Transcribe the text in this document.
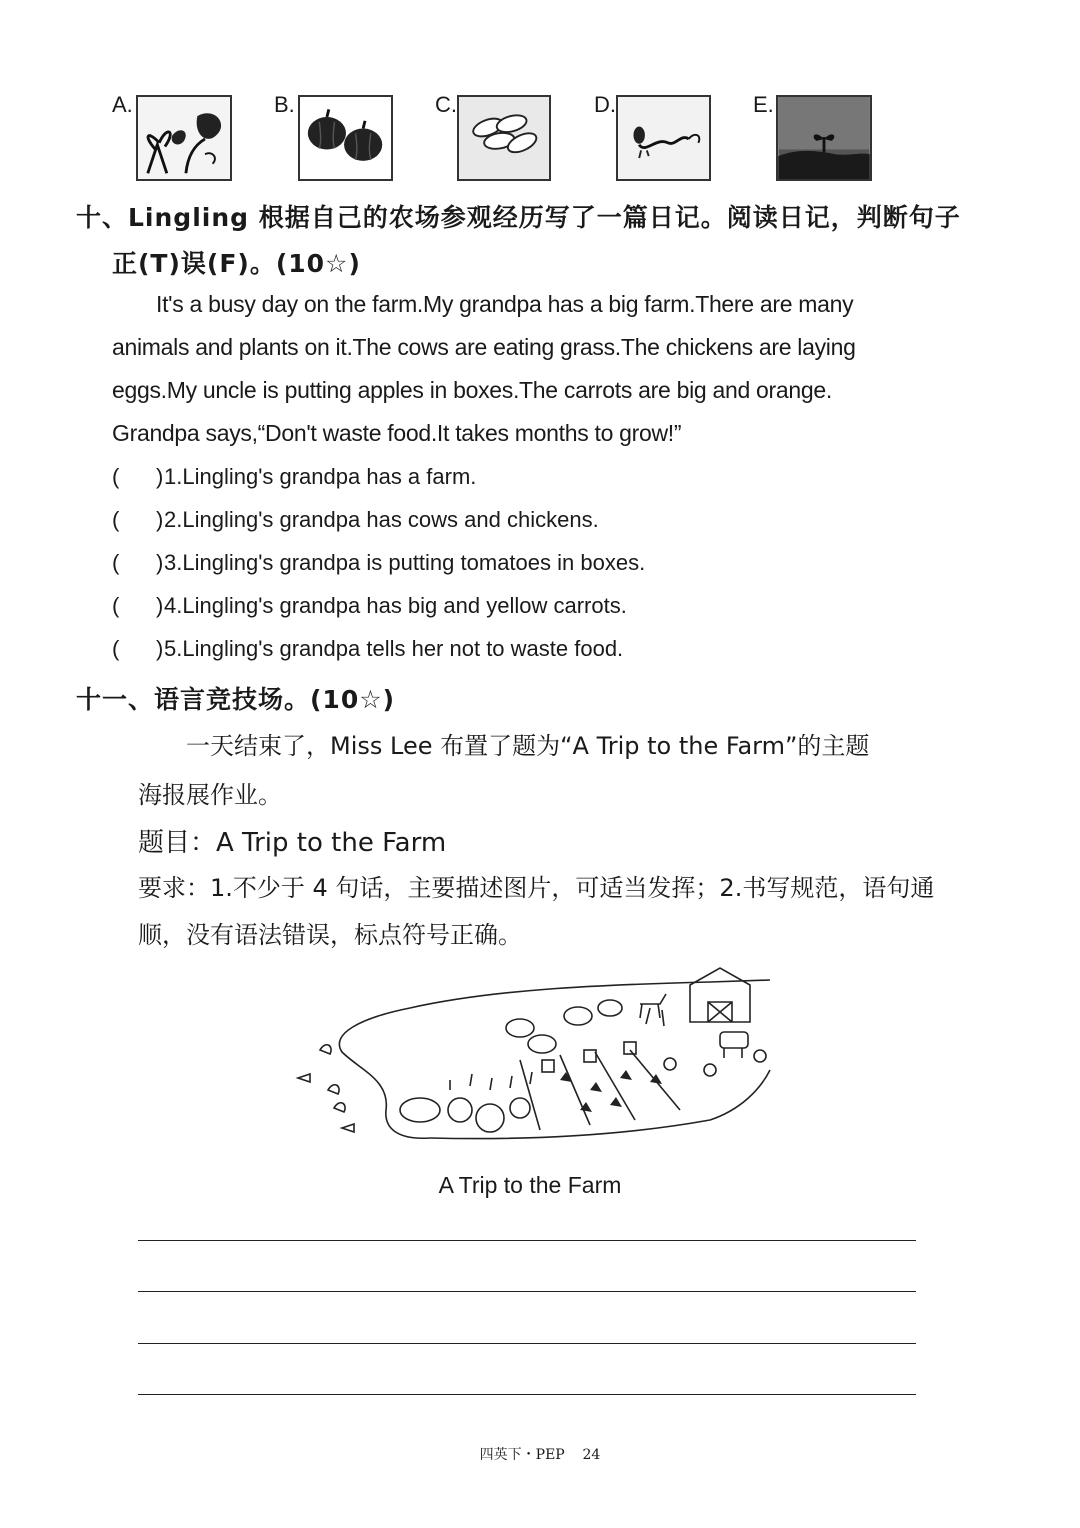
A.	B.	C.	D.	E.
十、Lingling 根据自己的农场参观经历写了一篇日记。阅读日记，判断句子
正(T)误(F)。(10☆)
It's a busy day on the farm.My grandpa has a big farm.There are many
animals and plants on it.The cows are eating grass.The chickens are laying
eggs.My uncle is putting apples in boxes.The carrots are big and orange.
Grandpa says,“Don't waste food.It takes months to grow!”
(      )1.Lingling's grandpa has a farm.
(      )2.Lingling's grandpa has cows and chickens.
(      )3.Lingling's grandpa is putting tomatoes in boxes.
(      )4.Lingling's grandpa has big and yellow carrots.
(      )5.Lingling's grandpa tells her not to waste food.
十一、语言竞技场。(10☆)
一天结束了，Miss Lee 布置了题为“A Trip to the Farm”的主题
海报展作业。
题目：A Trip to the Farm
要求：1.不少于 4 句话，主要描述图片，可适当发挥；2.书写规范，语句通
顺，没有语法错误，标点符号正确。
A Trip to the Farm
四英下・PEP    24
